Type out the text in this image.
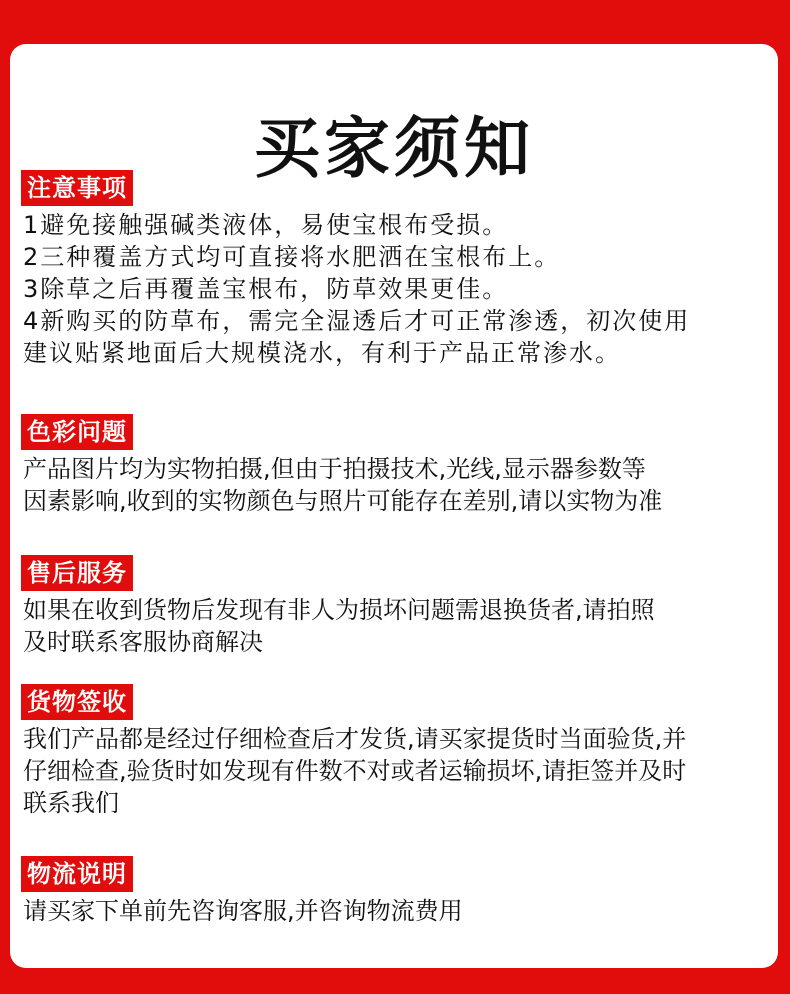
买家须知
注意事项
1避免接触强碱类液体，易使宝根布受损。
2三种覆盖方式均可直接将水肥洒在宝根布上。
3除草之后再覆盖宝根布，防草效果更佳。
4新购买的防草布，需完全湿透后才可正常渗透，初次使用
建议贴紧地面后大规模浇水，有利于产品正常渗水。
色彩问题
产品图片均为实物拍摄,但由于拍摄技术,光线,显示器参数等
因素影响,收到的实物颜色与照片可能存在差别,请以实物为准
售后服务
如果在收到货物后发现有非人为损坏问题需退换货者,请拍照
及时联系客服协商解决
货物签收
我们产品都是经过仔细检查后才发货,请买家提货时当面验货,并
仔细检查,验货时如发现有件数不对或者运输损坏,请拒签并及时
联系我们
物流说明
请买家下单前先咨询客服,并咨询物流费用
